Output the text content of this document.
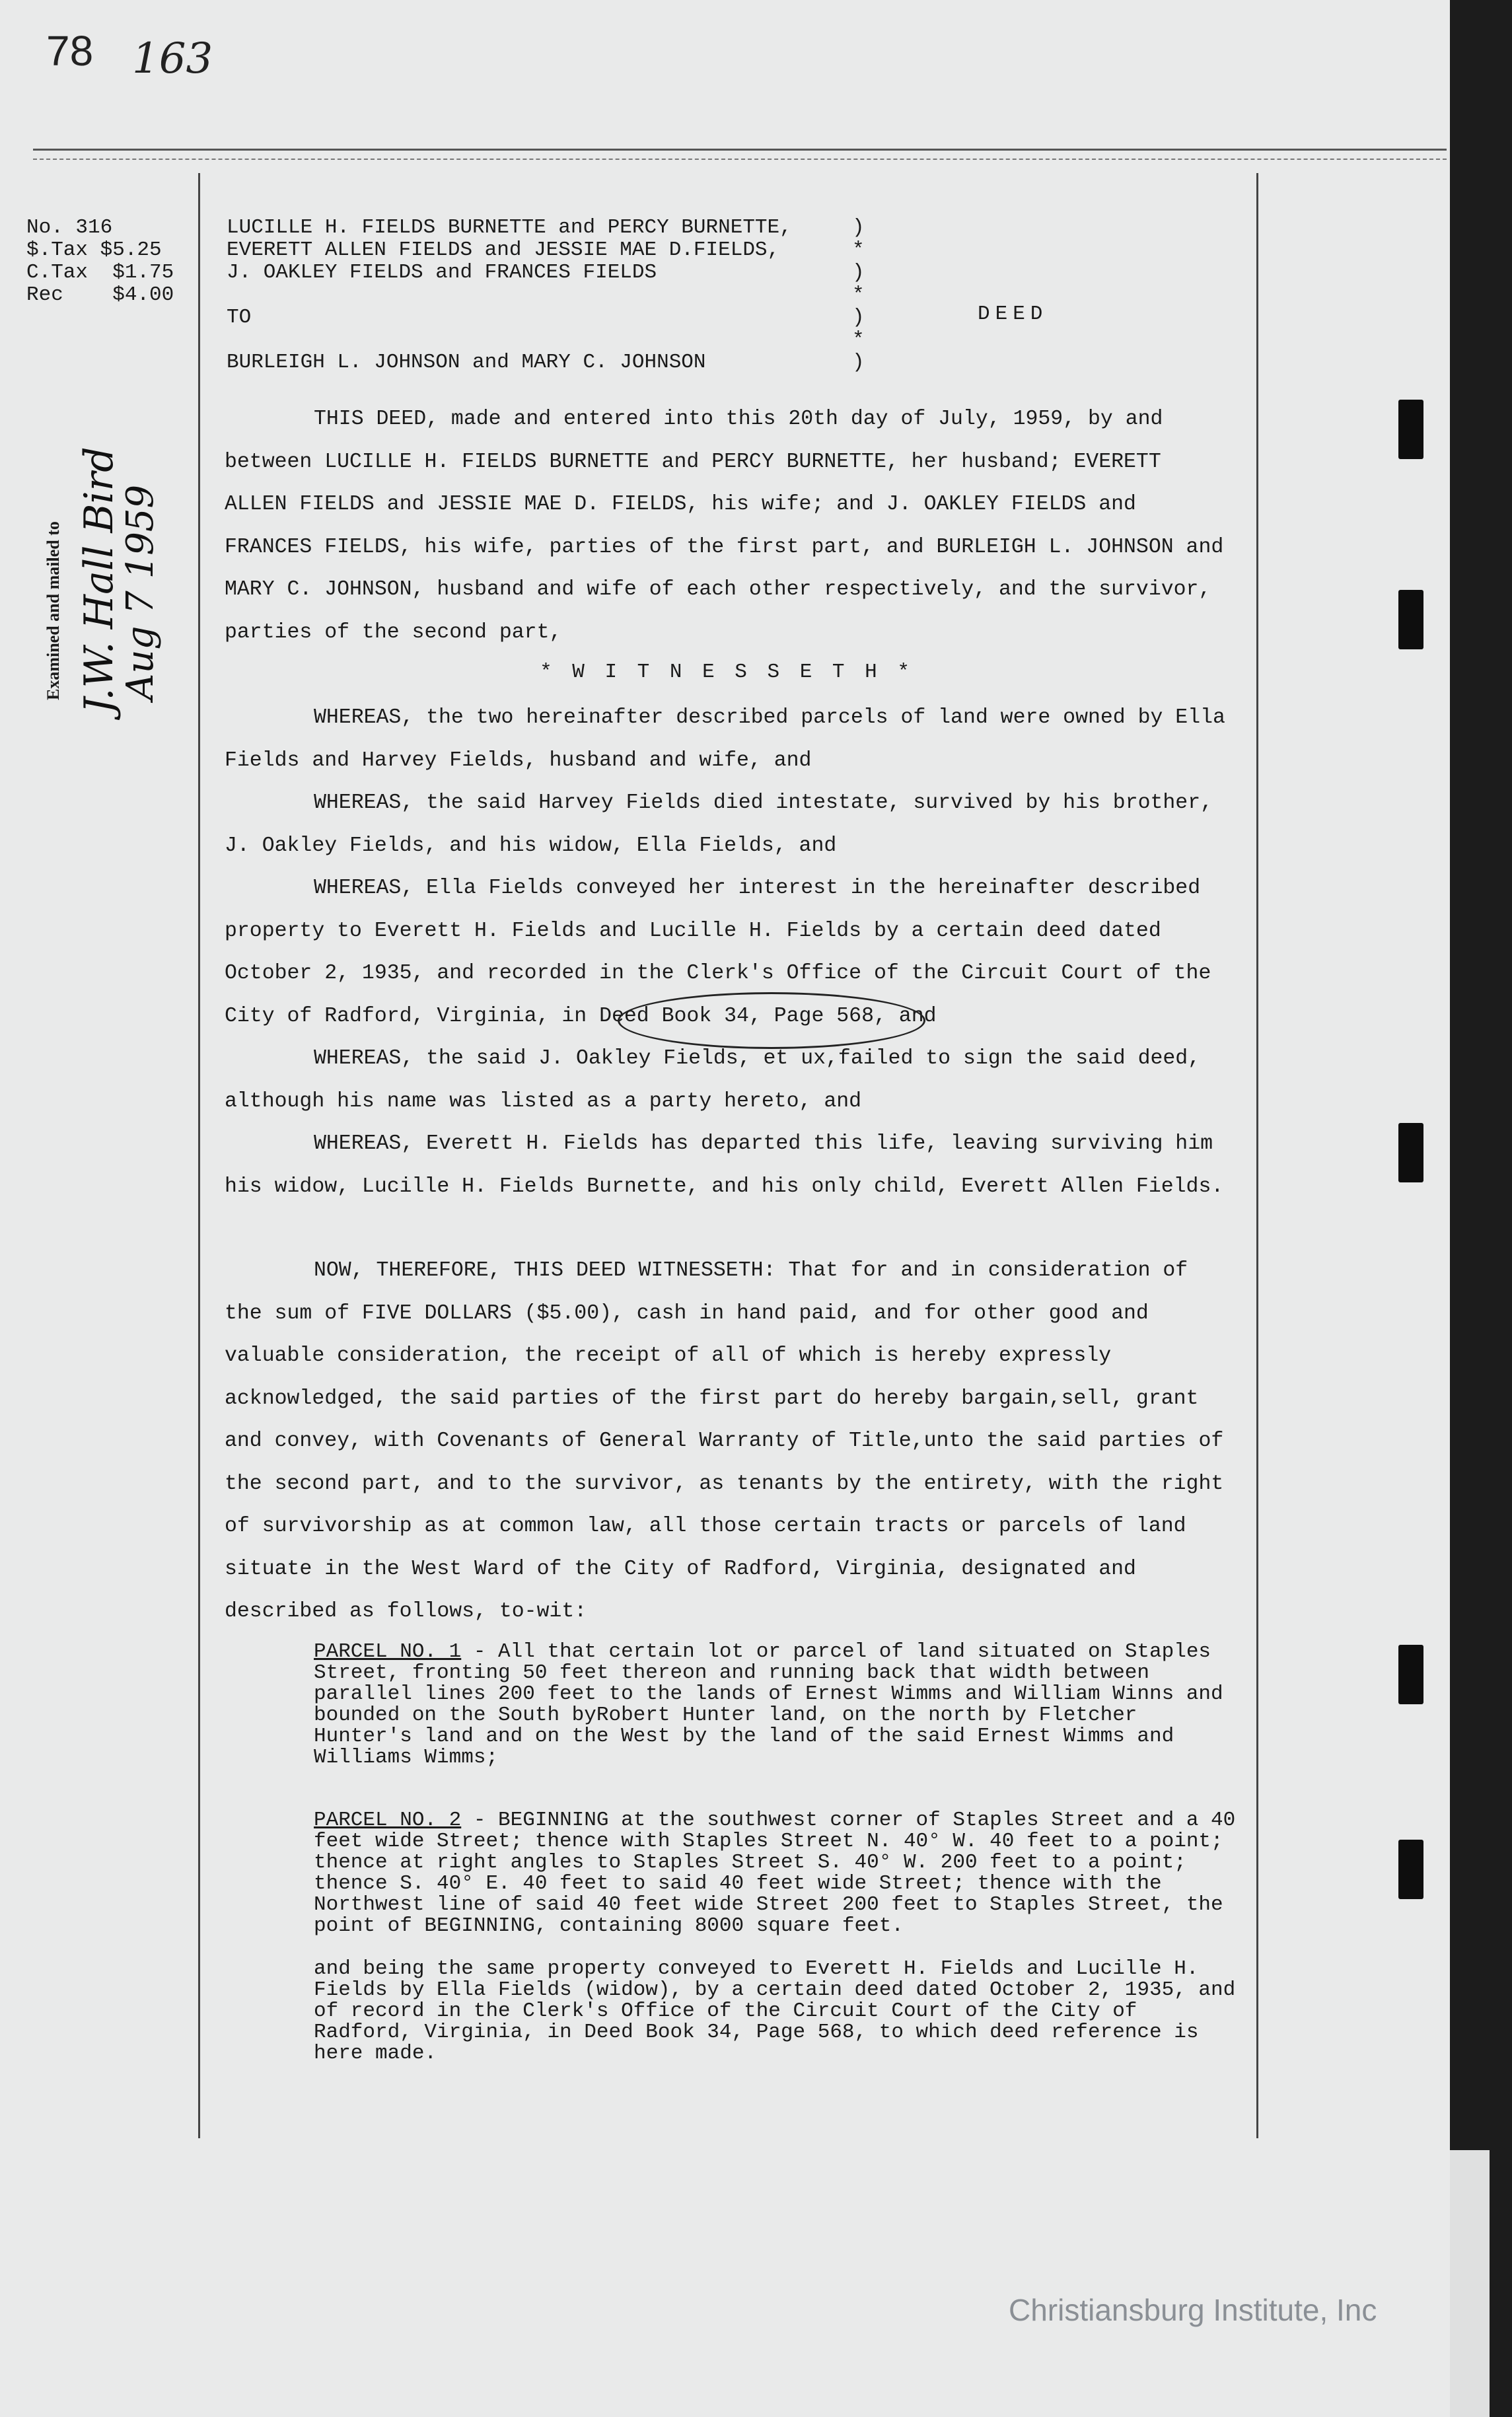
78 163
No. 316
$.Tax $5.25
C.Tax  $1.75
Rec    $4.00
Examined and mailed to J.W. Hall Bird
Aug 7 1959
LUCILLE H. FIELDS BURNETTE and PERCY BURNETTE,
EVERETT ALLEN FIELDS and JESSIE MAE D.FIELDS,
J. OAKLEY FIELDS and FRANCES FIELDS

TO

BURLEIGH L. JOHNSON and MARY C. JOHNSON
)
*
)
*
)
*
)
DEED

THIS DEED, made and entered into this 20th day of July, 1959, by and between LUCILLE H. FIELDS BURNETTE and PERCY BURNETTE, her husband; EVERETT ALLEN FIELDS and JESSIE MAE D. FIELDS, his wife; and J. OAKLEY FIELDS and FRANCES FIELDS, his wife, parties of the first part, and BURLEIGH L. JOHNSON and MARY C. JOHNSON, husband and wife of each other respectively, and the survivor, parties of the second part,

* W I T N E S S E T H *

WHEREAS, the two hereinafter described parcels of land were owned by Ella Fields and Harvey Fields, husband and wife, and

WHEREAS, the said Harvey Fields died intestate, survived by his brother, J. Oakley Fields, and his widow, Ella Fields, and

WHEREAS, Ella Fields conveyed her interest in the hereinafter described property to Everett H. Fields and Lucille H. Fields by a certain deed dated October 2, 1935, and recorded in the Clerk's Office of the Circuit Court of the City of Radford, Virginia, in Deed Book 34, Page 568, and

WHEREAS, the said J. Oakley Fields, et ux,failed to sign the said deed, although his name was listed as a party hereto, and

WHEREAS, Everett H. Fields has departed this life, leaving surviving him his widow, Lucille H. Fields Burnette, and his only child, Everett Allen Fields.

NOW, THEREFORE, THIS DEED WITNESSETH: That for and in consideration of the sum of FIVE DOLLARS ($5.00), cash in hand paid, and for other good and valuable consideration, the receipt of all of which is hereby expressly acknowledged, the said parties of the first part do hereby bargain,sell, grant and convey, with Covenants of General Warranty of Title,unto the said parties of the second part, and to the survivor, as tenants by the entirety, with the right of survivorship as at common law, all those certain tracts or parcels of land situate in the West Ward of the City of Radford, Virginia, designated and described as follows, to-wit:

PARCEL NO. 1 - All that certain lot or parcel of land situated on Staples Street, fronting 50 feet thereon and running back that width between parallel lines 200 feet to the lands of Ernest Wimms and William Winns and bounded on the South byRobert Hunter land, on the north by Fletcher Hunter's land and on the West by the land of the said Ernest Wimms and Williams Wimms;
PARCEL NO. 2 - BEGINNING at the southwest corner of Staples Street and a 40 feet wide Street; thence with Staples Street N. 40° W. 40 feet to a point; thence at right angles to Staples Street S. 40° W. 200 feet to a point; thence S. 40° E. 40 feet to said 40 feet wide Street; thence with the Northwest line of said 40 feet wide Street 200 feet to Staples Street, the point of BEGINNING, containing 8000 square feet.
and being the same property conveyed to Everett H. Fields and Lucille H. Fields by Ella Fields (widow), by a certain deed dated October 2, 1935, and of record in the Clerk's Office of the Circuit Court of the City of Radford, Virginia, in Deed Book 34, Page 568, to which deed reference is here made.
Christiansburg Institute, Inc
